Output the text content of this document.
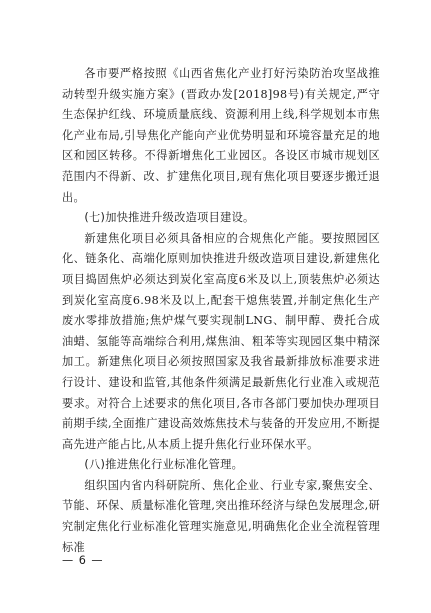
各市要严格按照《山西省焦化产业打好污染防治攻坚战推动转型升级实施方案》(晋政办发[2018]98号)有关规定,严守生态保护红线、环境质量底线、资源利用上线,科学规划本市焦化产业布局,引导焦化产能向产业优势明显和环境容量充足的地区和园区转移。不得新增焦化工业园区。各设区市城市规划区范围内不得新、改、扩建焦化项目,现有焦化项目要逐步搬迁退出。

(七)加快推进升级改造项目建设。

新建焦化项目必须具备相应的合规焦化产能。要按照园区化、链条化、高端化原则加快推进升级改造项目建设,新建焦化项目捣固焦炉必须达到炭化室高度6米及以上,顶装焦炉必须达到炭化室高度6.98米及以上,配套干熄焦装置,并制定焦化生产废水零排放措施;焦炉煤气要实现制LNG、制甲醇、费托合成油蜡、氢能等高端综合利用,煤焦油、粗苯等实现园区集中精深加工。新建焦化项目必须按照国家及我省最新排放标准要求进行设计、建设和监管,其他条件须满足最新焦化行业准入或规范要求。对符合上述要求的焦化项目,各市各部门要加快办理项目前期手续,全面推广建设高效炼焦技术与装备的开发应用,不断提高先进产能占比,从本质上提升焦化行业环保水平。

(八)推进焦化行业标准化管理。

组织国内省内科研院所、焦化企业、行业专家,聚焦安全、节能、环保、质量标准化管理,突出推环经济与绿色发展理念,研究制定焦化行业标准化管理实施意见,明确焦化企业全流程管理标准

— 6 —
